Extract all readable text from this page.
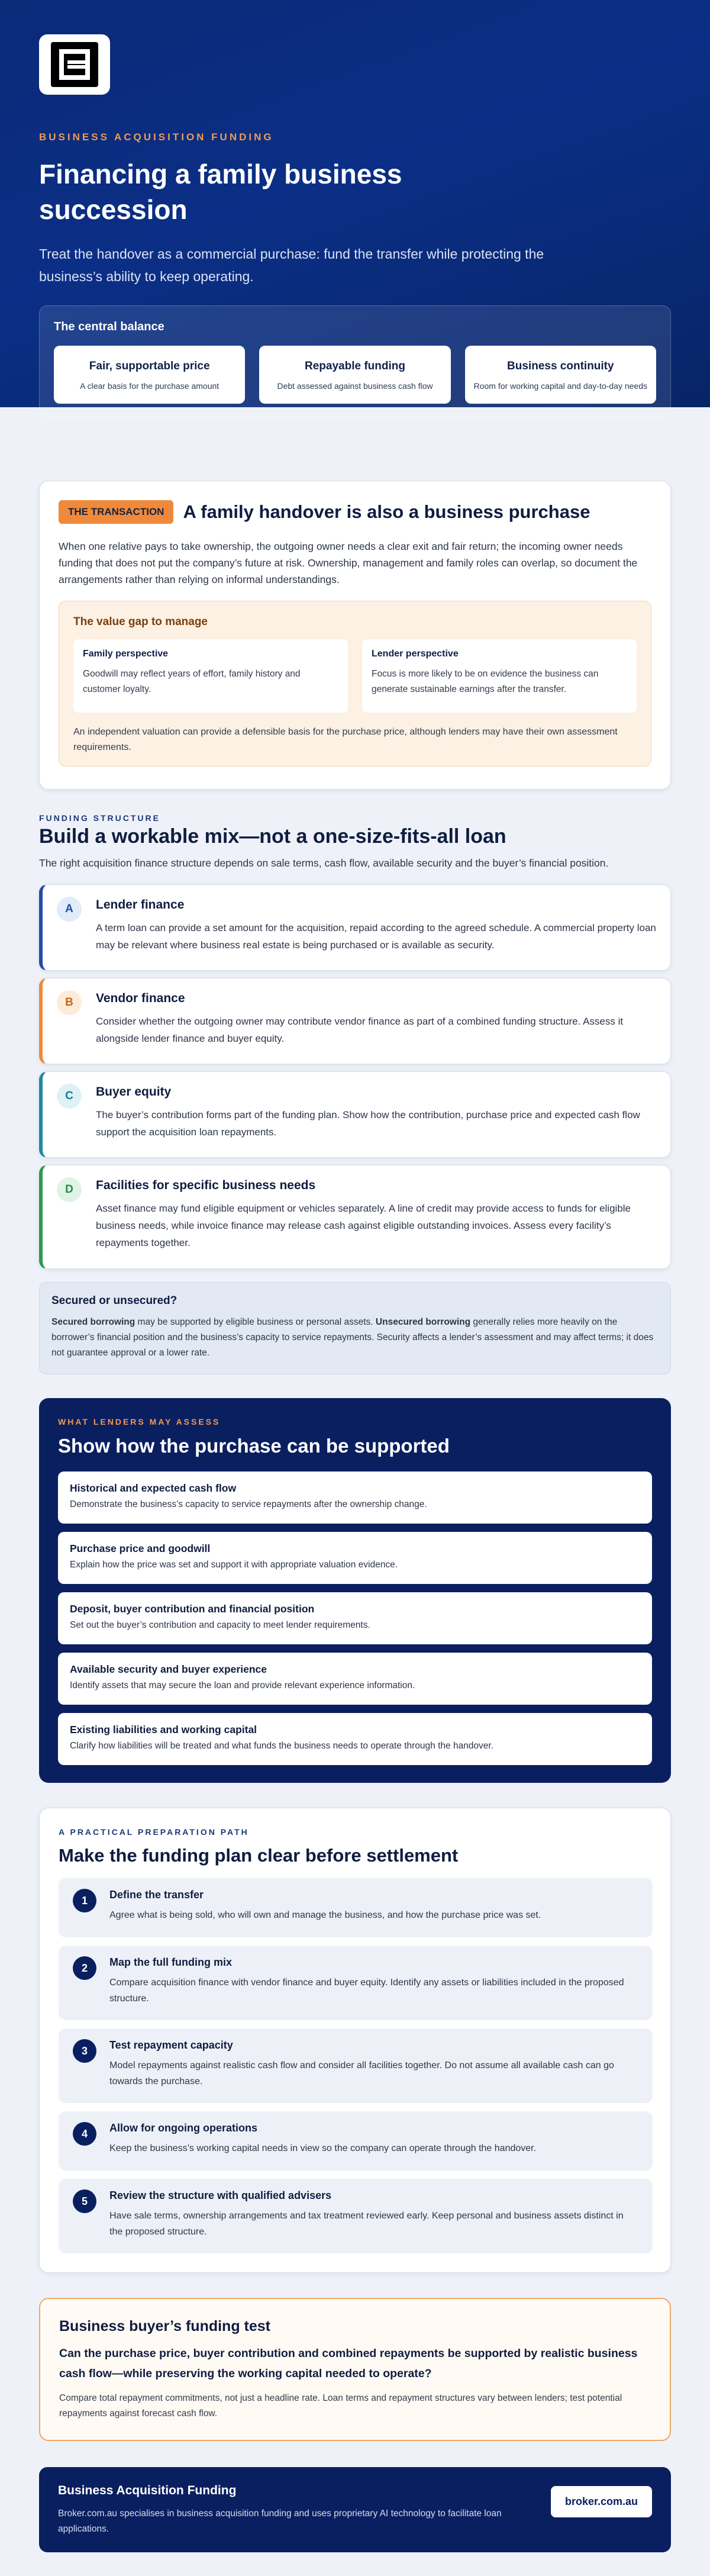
BUSINESS ACQUISITION FUNDING
Financing a family business succession

Treat the handover as a commercial purchase: fund the transfer while protecting the business’s ability to keep operating.

The central balance
Fair, supportable price
A clear basis for the purchase amount
Repayable funding
Debt assessed against business cash flow
Business continuity
Room for working capital and day-to-day needs
THE TRANSACTION	A family handover is also a business purchase

When one relative pays to take ownership, the outgoing owner needs a clear exit and fair return; the incoming owner needs funding that does not put the company’s future at risk. Ownership, management and family roles can overlap, so document the arrangements rather than relying on informal understandings.

The value gap to manage
Family perspective
Goodwill may reflect years of effort, family history and customer loyalty.
Lender perspective
Focus is more likely to be on evidence the business can generate sustainable earnings after the transfer.

An independent valuation can provide a defensible basis for the purchase price, although lenders may have their own assessment requirements.

FUNDING STRUCTURE
Build a workable mix—not a one-size-fits-all loan

The right acquisition finance structure depends on sale terms, cash flow, available security and the buyer’s financial position.

A	Lender finance
A term loan can provide a set amount for the acquisition, repaid according to the agreed schedule. A commercial property loan may be relevant where business real estate is being purchased or is available as security.
B	Vendor finance
Consider whether the outgoing owner may contribute vendor finance as part of a combined funding structure. Assess it alongside lender finance and buyer equity.
C	Buyer equity
The buyer’s contribution forms part of the funding plan. Show how the contribution, purchase price and expected cash flow support the acquisition loan repayments.
D	Facilities for specific business needs
Asset finance may fund eligible equipment or vehicles separately. A line of credit may provide access to funds for eligible business needs, while invoice finance may release cash against eligible outstanding invoices. Assess every facility’s repayments together.
Secured or unsecured?

Secured borrowing may be supported by eligible business or personal assets. Unsecured borrowing generally relies more heavily on the borrower’s financial position and the business’s capacity to service repayments. Security affects a lender’s assessment and may affect terms; it does not guarantee approval or a lower rate.

WHAT LENDERS MAY ASSESS
Show how the purchase can be supported
Historical and expected cash flow
Demonstrate the business’s capacity to service repayments after the ownership change.
Purchase price and goodwill
Explain how the price was set and support it with appropriate valuation evidence.
Deposit, buyer contribution and financial position
Set out the buyer’s contribution and capacity to meet lender requirements.
Available security and buyer experience
Identify assets that may secure the loan and provide relevant experience information.
Existing liabilities and working capital
Clarify how liabilities will be treated and what funds the business needs to operate through the handover.
A PRACTICAL PREPARATION PATH
Make the funding plan clear before settlement
1	Define the transfer
Agree what is being sold, who will own and manage the business, and how the purchase price was set.
2	Map the full funding mix
Compare acquisition finance with vendor finance and buyer equity. Identify any assets or liabilities included in the proposed structure.
3	Test repayment capacity
Model repayments against realistic cash flow and consider all facilities together. Do not assume all available cash can go towards the purchase.
4	Allow for ongoing operations
Keep the business’s working capital needs in view so the company can operate through the handover.
5	Review the structure with qualified advisers
Have sale terms, ownership arrangements and tax treatment reviewed early. Keep personal and business assets distinct in the proposed structure.
Business buyer’s funding test

Can the purchase price, buyer contribution and combined repayments be supported by realistic business cash flow—while preserving the working capital needed to operate?

Compare total repayment commitments, not just a headline rate. Loan terms and repayment structures vary between lenders; test potential repayments against forecast cash flow.

Business Acquisition Funding

Broker.com.au specialises in business acquisition funding and uses proprietary AI technology to facilitate loan applications.

broker.com.au
